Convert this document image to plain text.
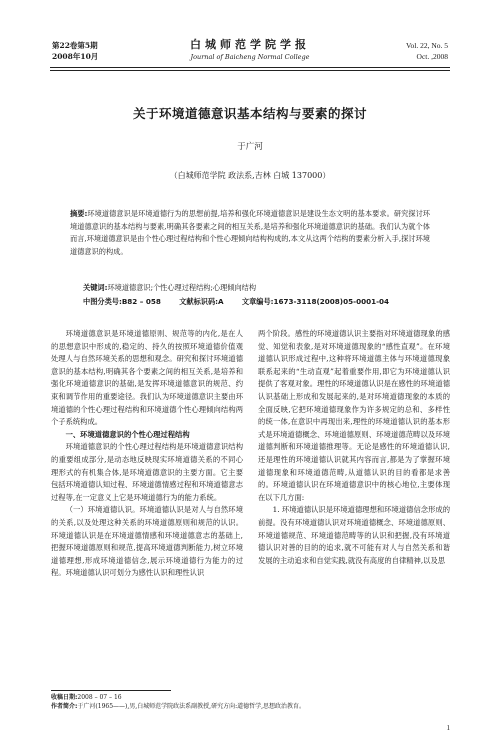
第22卷第5期
2008年10月
白城师范学院学报
Journal of Baicheng Normal College
Vol. 22, No. 5
Oct. ,2008
关于环境道德意识基本结构与要素的探讨
于广河
（白城师范学院 政法系,吉林 白城 137000）
摘要:环境道德意识是环境道德行为的思想前提,培养和强化环境道德意识是建设生态文明的基本要求。研究探讨环境道德意识的基本结构与要素,明确其各要素之间的相互关系,是培养和强化环境道德意识的基础。我们认为就个体而言,环境道德意识是由个性心理过程结构和个性心理倾向结构构成的,本文从这两个结构的要素分析入手,探讨环境道德意识的构成。
关键词:环境道德意识;个性心理过程结构;心理倾向结构
中图分类号:B82 – 058	文献标识码:A	文章编号:1673-3118(2008)05-0001-04

环境道德意识是环境道德原则、规范等的内化,是在人的思想意识中形成的,稳定的、持久的按照环境道德价值观处理人与自然环境关系的思想和观念。研究和探讨环境道德意识的基本结构,明确其各个要素之间的相互关系,是培养和强化环境道德意识的基础,是发挥环境道德意识的规范、约束和调节作用的重要途径。我们认为环境道德意识主要由环境道德的个性心理过程结构和环境道德个性心理倾向结构两个子系统构成。

一、环境道德意识的个性心理过程结构

环境道德意识的个性心理过程结构是环境道德意识结构的重要组成部分,是动态地反映现实环境道德关系的不同心理形式的有机集合体,是环境道德意识的主要方面。它主要包括环境道德认知过程、环境道德情感过程和环境道德意志过程等,在一定意义上它是环境道德行为的能力系统。

（一）环境道德认识。环境道德认识是对人与自然环境的关系,以及处理这种关系的环境道德原则和规范的认识。环境道德认识是在环境道德情感和环境道德意志的基础上,把握环境道德原则和规范,提高环境道德判断能力,树立环境道德理想,形成环境道德信念,展示环境道德行为能力的过程。环境道德认识可划分为感性认识和理性认识

两个阶段。感性的环境道德认识主要指对环境道德现象的感觉、知觉和表象,是对环境道德现象的“感性直观”。在环境道德认识形成过程中,这种将环境道德主体与环境道德现象联系起来的“生动直观”起着重要作用,即它为环境道德认识提供了客观对象。理性的环境道德认识是在感性的环境道德认识基础上形成和发展起来的,是对环境道德现象的本质的全面反映,它把环境道德现象作为许多规定的总和、多样性的统一体,在意识中再现出来,理性的环境道德认识的基本形式是环境道德概念、环境道德原则、环境道德范畴以及环境道德判断和环境道德推理等。无论是感性的环境道德认识,还是理性的环境道德认识就其内容而言,都是为了掌握环境道德现象和环境道德范畴,从道德认识的目的看都是求善的。环境道德认识在环境道德意识中的核心地位,主要体现在以下几方面:

1. 环境道德认识是环境道德理想和环境道德信念形成的前提。没有环境道德认识对环境道德概念、环境道德原则、环境道德规范、环境道德范畴等的认识和把握,没有环境道德认识对善的目的的追求,就不可能有对人与自然关系和谐发展的主动追求和自觉实践,就没有高度的自律精神,以及思

收稿日期:2008 – 07 – 16
作者简介:于广河(1965——),男,白城师范学院政法系副教授,研究方向:道德哲学,思想政治教育。
1
